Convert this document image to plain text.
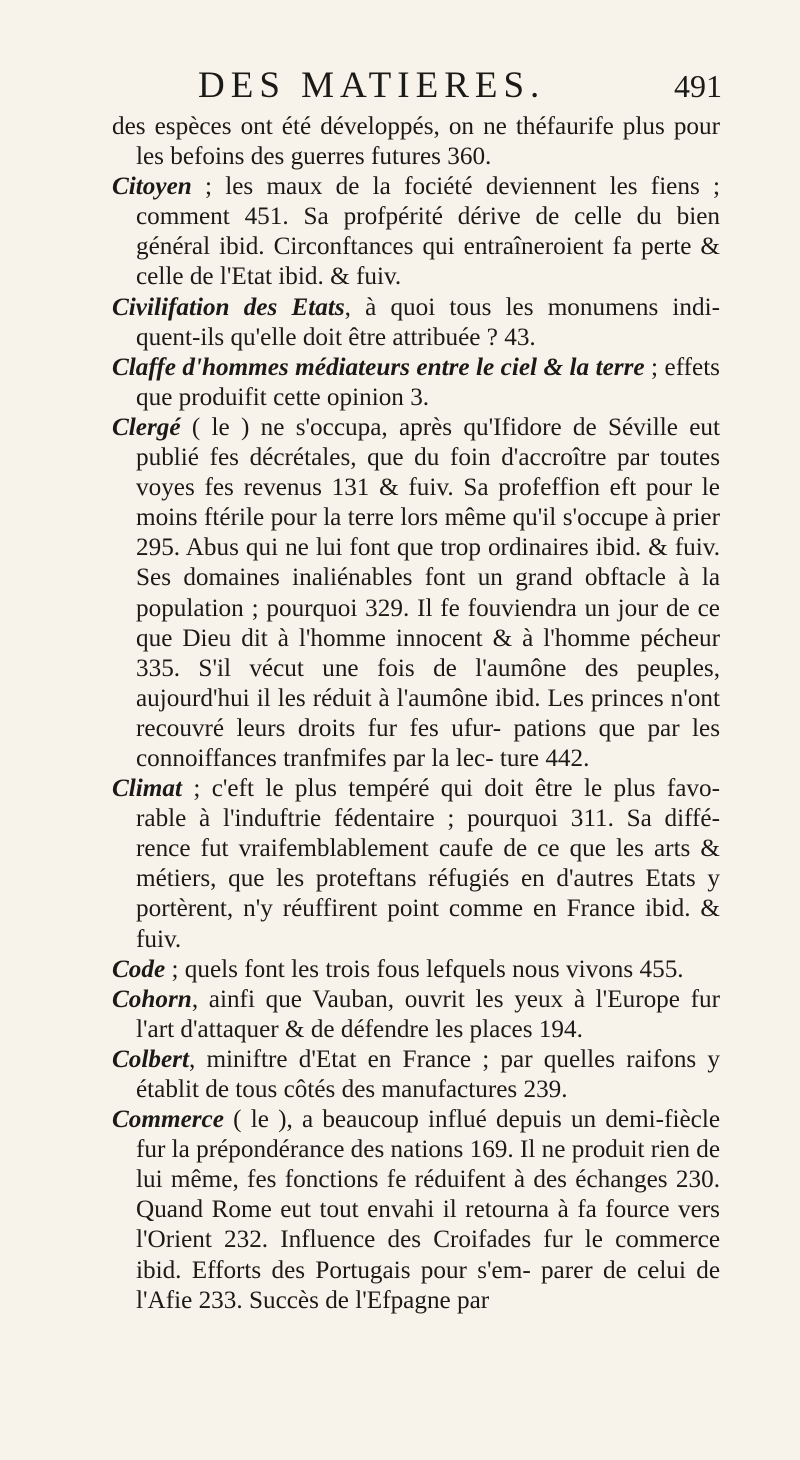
DES MATIERES.	491

des espèces ont été développés, on ne théfaurife plus pour les befoins des guerres futures 360.

Citoyen ; les maux de la fociété deviennent les fiens ; comment 451. Sa profpérité dérive de celle du bien général ibid. Circonftances qui entraîneroient fa perte & celle de l'Etat ibid. & fuiv.

Civilifation des Etats, à quoi tous les monumens indi- quent-ils qu'elle doit être attribuée ? 43.

Claffe d'hommes médiateurs entre le ciel & la terre ; effets que produifit cette opinion 3.

Clergé ( le ) ne s'occupa, après qu'Ifidore de Séville eut publié fes décrétales, que du foin d'accroître par toutes voyes fes revenus 131 & fuiv. Sa profeffion eft pour le moins ftérile pour la terre lors même qu'il s'occupe à prier 295. Abus qui ne lui font que trop ordinaires ibid. & fuiv. Ses domaines inaliénables font un grand obftacle à la population ; pourquoi 329. Il fe fouviendra un jour de ce que Dieu dit à l'homme innocent & à l'homme pécheur 335. S'il vécut une fois de l'aumône des peuples, aujourd'hui il les réduit à l'aumône ibid. Les princes n'ont recouvré leurs droits fur fes ufur- pations que par les connoiffances tranfmifes par la lec- ture 442.

Climat ; c'eft le plus tempéré qui doit être le plus favo- rable à l'induftrie fédentaire ; pourquoi 311. Sa diffé- rence fut vraifemblablement caufe de ce que les arts & métiers, que les proteftans réfugiés en d'autres Etats y portèrent, n'y réuffirent point comme en France ibid. & fuiv.

Code ; quels font les trois fous lefquels nous vivons 455.

Cohorn, ainfi que Vauban, ouvrit les yeux à l'Europe fur l'art d'attaquer & de défendre les places 194.

Colbert, miniftre d'Etat en France ; par quelles raifons y établit de tous côtés des manufactures 239.

Commerce ( le ), a beaucoup influé depuis un demi-fiècle fur la prépondérance des nations 169. Il ne produit rien de lui même, fes fonctions fe réduifent à des échanges 230. Quand Rome eut tout envahi il retourna à fa fource vers l'Orient 232. Influence des Croifades fur le commerce ibid. Efforts des Portugais pour s'em- parer de celui de l'Afie 233. Succès de l'Efpagne par
